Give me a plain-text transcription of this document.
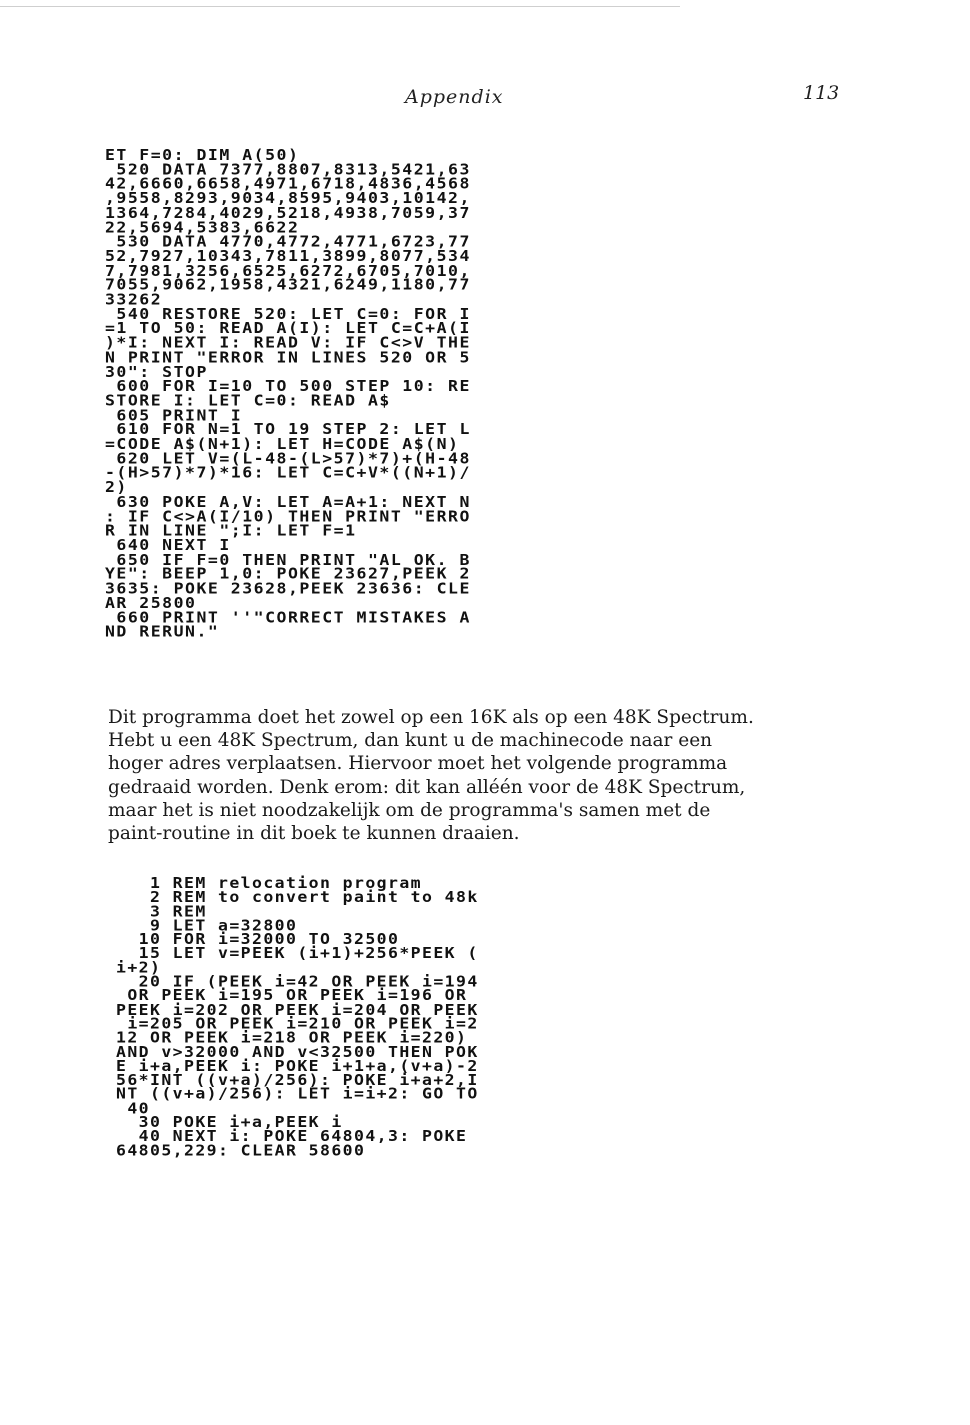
Appendix	113
ET F=0: DIM A(50)
520 DATA 7377,8807,8313,5421,63
42,6660,6658,4971,6718,4836,4568
,9558,8293,9034,8595,9403,10142,
1364,7284,4029,5218,4938,7059,37
22,5694,5383,6622
530 DATA 4770,4772,4771,6723,77
52,7927,10343,7811,3899,8077,534
7,7981,3256,6525,6272,6705,7010,
7055,9062,1958,4321,6249,1180,77
33262
540 RESTORE 520: LET C=0: FOR I
=1 TO 50: READ A(I): LET C=C+A(I
)*I: NEXT I: READ V: IF C<>V THE
N PRINT "ERROR IN LINES 520 OR 5
30": STOP
600 FOR I=10 TO 500 STEP 10: RE
STORE I: LET C=0: READ A$
605 PRINT I
610 FOR N=1 TO 19 STEP 2: LET L
=CODE A$(N+1): LET H=CODE A$(N)
620 LET V=(L-48-(L>57)*7)+(H-48
-(H>57)*7)*16: LET C=C+V*((N+1)/
2)
630 POKE A,V: LET A=A+1: NEXT N
: IF C<>A(I/10) THEN PRINT "ERRO
R IN LINE ";I: LET F=1
640 NEXT I
650 IF F=0 THEN PRINT "AL OK. B
YE": BEEP 1,0: POKE 23627,PEEK 2
3635: POKE 23628,PEEK 23636: CLE
AR 25800
660 PRINT ''"CORRECT MISTAKES A
ND RERUN."
Dit programma doet het zowel op een 16K als op een 48K Spectrum.
Hebt u een 48K Spectrum, dan kunt u de machinecode naar een
hoger adres verplaatsen. Hiervoor moet het volgende programma
gedraaid worden. Denk erom: dit kan alléén voor de 48K Spectrum,
maar het is niet noodzakelijk om de programma's samen met de
paint-routine in dit boek te kunnen draaien.
1 REM relocation program
2 REM to convert paint to 48k
3 REM
9 LET a=32800
10 FOR i=32000 TO 32500
15 LET v=PEEK (i+1)+256*PEEK (
i+2)
20 IF (PEEK i=42 OR PEEK i=194
OR PEEK i=195 OR PEEK i=196 OR
PEEK i=202 OR PEEK i=204 OR PEEK
i=205 OR PEEK i=210 OR PEEK i=2
12 OR PEEK i=218 OR PEEK i=220)
AND v>32000 AND v<32500 THEN POK
E i+a,PEEK i: POKE i+1+a,(v+a)-2
56*INT ((v+a)/256): POKE i+a+2,I
NT ((v+a)/256): LET i=i+2: GO TO
40
30 POKE i+a,PEEK i
40 NEXT i: POKE 64804,3: POKE
64805,229: CLEAR 58600
